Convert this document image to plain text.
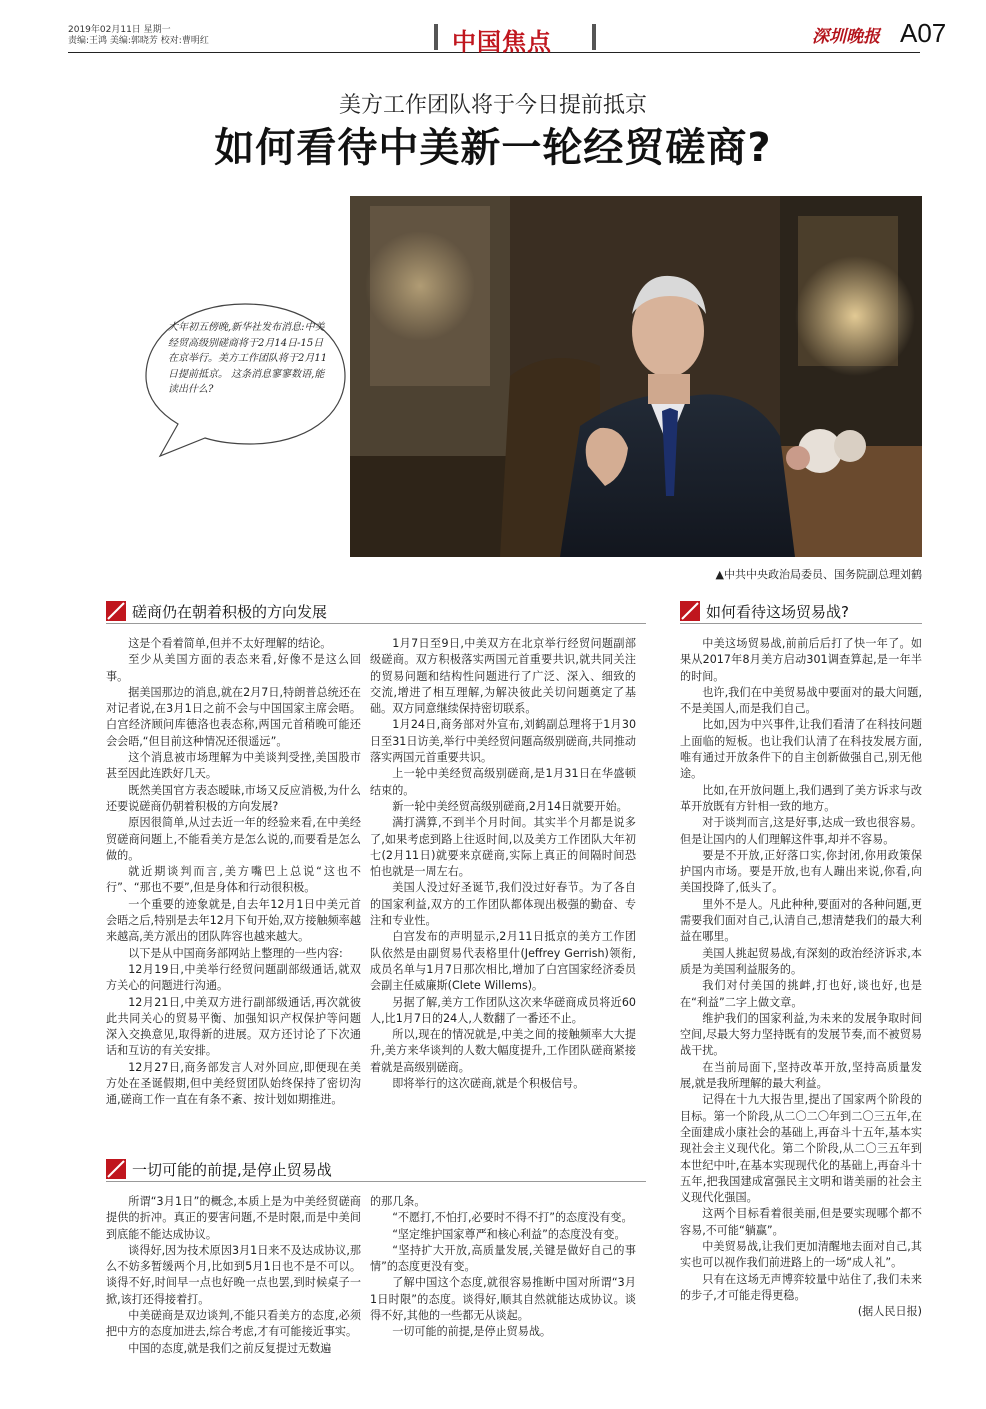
2019年02月11日 星期一
责编:王鸿 美编:郭晓芳 校对:曹明红	中国焦点	深圳晚报 A07
美方工作团队将于今日提前抵京
如何看待中美新一轮经贸磋商?
▲中共中央政治局委员、国务院副总理刘鹤
大年初五傍晚,新华社发布消息:中美经贸高级别磋商将于2月14日-15日在京举行。美方工作团队将于2月11日提前抵京。 这条消息寥寥数语,能读出什么?
磋商仍在朝着积极的方向发展

这是个看着简单,但并不太好理解的结论。

至少从美国方面的表态来看,好像不是这么回事。

据美国那边的消息,就在2月7日,特朗普总统还在对记者说,在3月1日之前不会与中国国家主席会晤。白宫经济顾问库德洛也表态称,两国元首稍晚可能还会会晤,“但目前这种情况还很遥远”。

这个消息被市场理解为中美谈判受挫,美国股市甚至因此连跌好几天。

既然美国官方表态暧昧,市场又反应消极,为什么还要说磋商仍朝着积极的方向发展?

原因很简单,从过去近一年的经验来看,在中美经贸磋商问题上,不能看美方是怎么说的,而要看是怎么做的。

就近期谈判而言,美方嘴巴上总说“这也不行”、“那也不要”,但是身体和行动很积极。

一个重要的迹象就是,自去年12月1日中美元首会晤之后,特别是去年12月下旬开始,双方接触频率越来越高,美方派出的团队阵容也越来越大。

以下是从中国商务部网站上整理的一些内容:

12月19日,中美举行经贸问题副部级通话,就双方关心的问题进行沟通。

12月21日,中美双方进行副部级通话,再次就彼此共同关心的贸易平衡、加强知识产权保护等问题深入交换意见,取得新的进展。双方还讨论了下次通话和互访的有关安排。

12月27日,商务部发言人对外回应,即便现在美方处在圣诞假期,但中美经贸团队始终保持了密切沟通,磋商工作一直在有条不紊、按计划如期推进。

1月7日至9日,中美双方在北京举行经贸问题副部级磋商。双方积极落实两国元首重要共识,就共同关注的贸易问题和结构性问题进行了广泛、深入、细致的交流,增进了相互理解,为解决彼此关切问题奠定了基础。双方同意继续保持密切联系。

1月24日,商务部对外宣布,刘鹤副总理将于1月30日至31日访美,举行中美经贸问题高级别磋商,共同推动落实两国元首重要共识。

上一轮中美经贸高级别磋商,是1月31日在华盛顿结束的。

新一轮中美经贸高级别磋商,2月14日就要开始。

满打满算,不到半个月时间。其实半个月都是说多了,如果考虑到路上往返时间,以及美方工作团队大年初七(2月11日)就要来京磋商,实际上真正的间隔时间恐怕也就是一周左右。

美国人没过好圣诞节,我们没过好春节。为了各自的国家利益,双方的工作团队都体现出极强的勤奋、专注和专业性。

白宫发布的声明显示,2月11日抵京的美方工作团队依然是由副贸易代表格里什(Jeffrey Gerrish)领衔,成员名单与1月7日那次相比,增加了白宫国家经济委员会副主任威廉斯(Clete Willems)。

另据了解,美方工作团队这次来华磋商成员将近60人,比1月7日的24人,人数翻了一番还不止。

所以,现在的情况就是,中美之间的接触频率大大提升,美方来华谈判的人数大幅度提升,工作团队磋商紧接着就是高级别磋商。

即将举行的这次磋商,就是个积极信号。

一切可能的前提,是停止贸易战

所谓“3月1日”的概念,本质上是为中美经贸磋商提供的折冲。真正的要害问题,不是时限,而是中美间到底能不能达成协议。

谈得好,因为技术原因3月1日来不及达成协议,那么不妨多暂缓两个月,比如到5月1日也不是不可以。谈得不好,时间早一点也好晚一点也罢,到时候桌子一掀,该打还得接着打。

中美磋商是双边谈判,不能只看美方的态度,必须把中方的态度加进去,综合考虑,才有可能接近事实。

中国的态度,就是我们之前反复提过无数遍

的那几条。

“不愿打,不怕打,必要时不得不打”的态度没有变。

“坚定维护国家尊严和核心利益”的态度没有变。

“坚持扩大开放,高质量发展,关键是做好自己的事情”的态度更没有变。

了解中国这个态度,就很容易推断中国对所谓“3月1日时限”的态度。谈得好,顺其自然就能达成协议。谈得不好,其他的一些都无从谈起。

一切可能的前提,是停止贸易战。

如何看待这场贸易战?

中美这场贸易战,前前后后打了快一年了。如果从2017年8月美方启动301调查算起,是一年半的时间。

也许,我们在中美贸易战中要面对的最大问题,不是美国人,而是我们自己。

比如,因为中兴事件,让我们看清了在科技问题上面临的短板。也让我们认清了在科技发展方面,唯有通过开放条件下的自主创新做强自己,别无他途。

比如,在开放问题上,我们遇到了美方诉求与改革开放既有方针相一致的地方。

对于谈判而言,这是好事,达成一致也很容易。但是让国内的人们理解这件事,却并不容易。

要是不开放,正好落口实,你封闭,你用政策保护国内市场。要是开放,也有人蹦出来说,你看,向美国投降了,低头了。

里外不是人。凡此种种,要面对的各种问题,更需要我们面对自己,认清自己,想清楚我们的最大利益在哪里。

美国人挑起贸易战,有深刻的政治经济诉求,本质是为美国利益服务的。

我们对付美国的挑衅,打也好,谈也好,也是在“利益”二字上做文章。

维护我们的国家利益,为未来的发展争取时间空间,尽最大努力坚持既有的发展节奏,而不被贸易战干扰。

在当前局面下,坚持改革开放,坚持高质量发展,就是我所理解的最大利益。

记得在十九大报告里,提出了国家两个阶段的目标。第一个阶段,从二〇二〇年到二〇三五年,在全面建成小康社会的基础上,再奋斗十五年,基本实现社会主义现代化。第二个阶段,从二〇三五年到本世纪中叶,在基本实现现代化的基础上,再奋斗十五年,把我国建成富强民主文明和谐美丽的社会主义现代化强国。

这两个目标看着很美丽,但是要实现哪个都不容易,不可能“躺赢”。

中美贸易战,让我们更加清醒地去面对自己,其实也可以视作我们前进路上的一场“成人礼”。

只有在这场无声博弈较量中站住了,我们未来的步子,才可能走得更稳。

(据人民日报)
